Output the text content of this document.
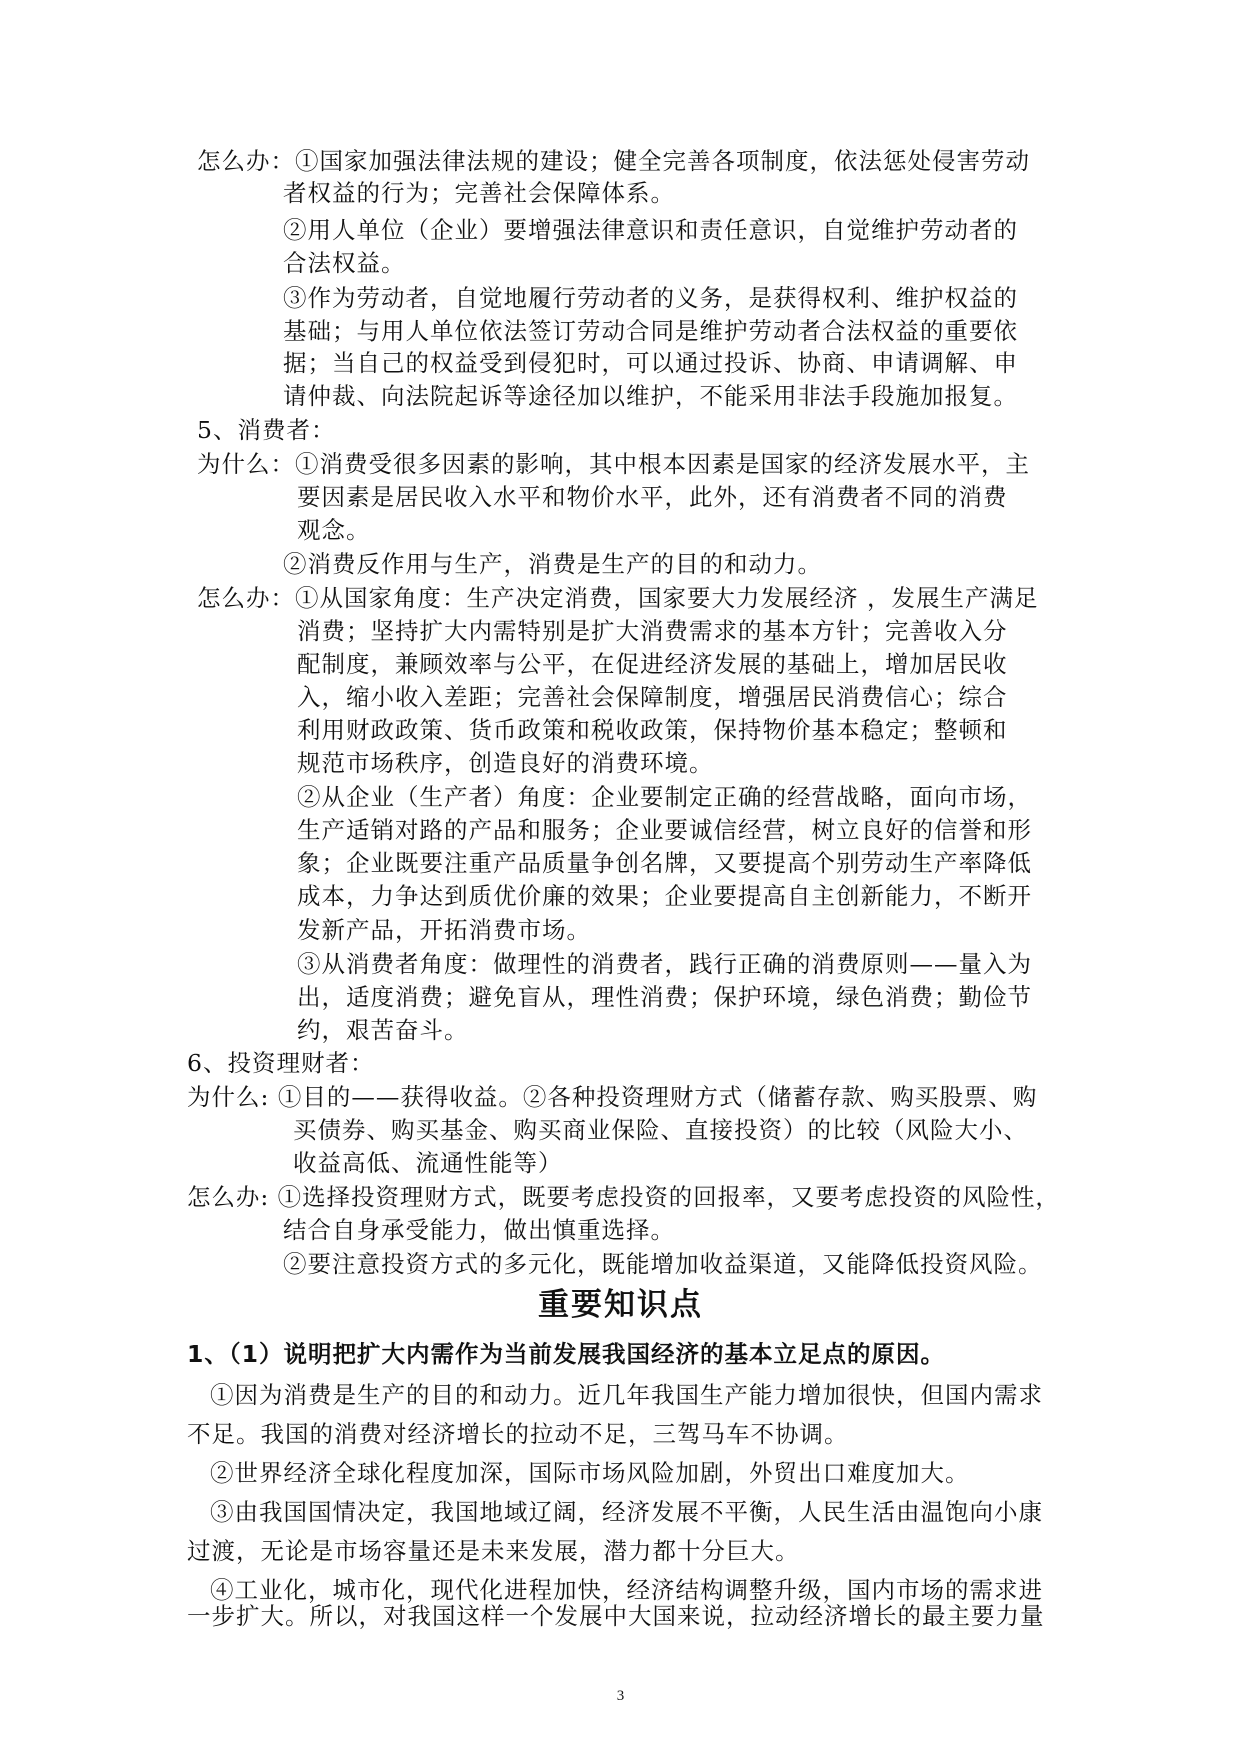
怎么办：①国家加强法律法规的建设；健全完善各项制度，依法惩处侵害劳动
者权益的行为；完善社会保障体系。
②用人单位（企业）要增强法律意识和责任意识，自觉维护劳动者的
合法权益。
③作为劳动者，自觉地履行劳动者的义务，是获得权利、维护权益的
基础；与用人单位依法签订劳动合同是维护劳动者合法权益的重要依
据；当自己的权益受到侵犯时，可以通过投诉、协商、申请调解、申
请仲裁、向法院起诉等途径加以维护，不能采用非法手段施加报复。
5、消费者：
为什么：①消费受很多因素的影响，其中根本因素是国家的经济发展水平，主
要因素是居民收入水平和物价水平，此外，还有消费者不同的消费
观念。
②消费反作用与生产，消费是生产的目的和动力。
怎么办：①从国家角度：生产决定消费，国家要大力发展经济 ，发展生产满足
消费；坚持扩大内需特别是扩大消费需求的基本方针；完善收入分
配制度，兼顾效率与公平，在促进经济发展的基础上，增加居民收
入，缩小收入差距；完善社会保障制度，增强居民消费信心；综合
利用财政政策、货币政策和税收政策，保持物价基本稳定；整顿和
规范市场秩序，创造良好的消费环境。
②从企业（生产者）角度：企业要制定正确的经营战略，面向市场，
生产适销对路的产品和服务；企业要诚信经营，树立良好的信誉和形
象；企业既要注重产品质量争创名牌，又要提高个别劳动生产率降低
成本，力争达到质优价廉的效果；企业要提高自主创新能力，不断开
发新产品，开拓消费市场。
③从消费者角度：做理性的消费者，践行正确的消费原则——量入为
出，适度消费；避免盲从，理性消费；保护环境，绿色消费；勤俭节
约，艰苦奋斗。
6、投资理财者：
为什么: ①目的——获得收益。②各种投资理财方式（储蓄存款、购买股票、购
买债券、购买基金、购买商业保险、直接投资）的比较（风险大小、
收益高低、流通性能等）
怎么办: ①选择投资理财方式，既要考虑投资的回报率，又要考虑投资的风险性，
结合自身承受能力，做出慎重选择。
②要注意投资方式的多元化，既能增加收益渠道，又能降低投资风险。
重要知识点
1、（1）说明把扩大内需作为当前发展我国经济的基本立足点的原因。
①因为消费是生产的目的和动力。近几年我国生产能力增加很快，但国内需求
不足。我国的消费对经济增长的拉动不足，三驾马车不协调。
②世界经济全球化程度加深，国际市场风险加剧，外贸出口难度加大。
③由我国国情决定，我国地域辽阔，经济发展不平衡，人民生活由温饱向小康
过渡，无论是市场容量还是未来发展，潜力都十分巨大。
④工业化，城市化，现代化进程加快，经济结构调整升级，国内市场的需求进
一步扩大。所以，对我国这样一个发展中大国来说，拉动经济增长的最主要力量
3
